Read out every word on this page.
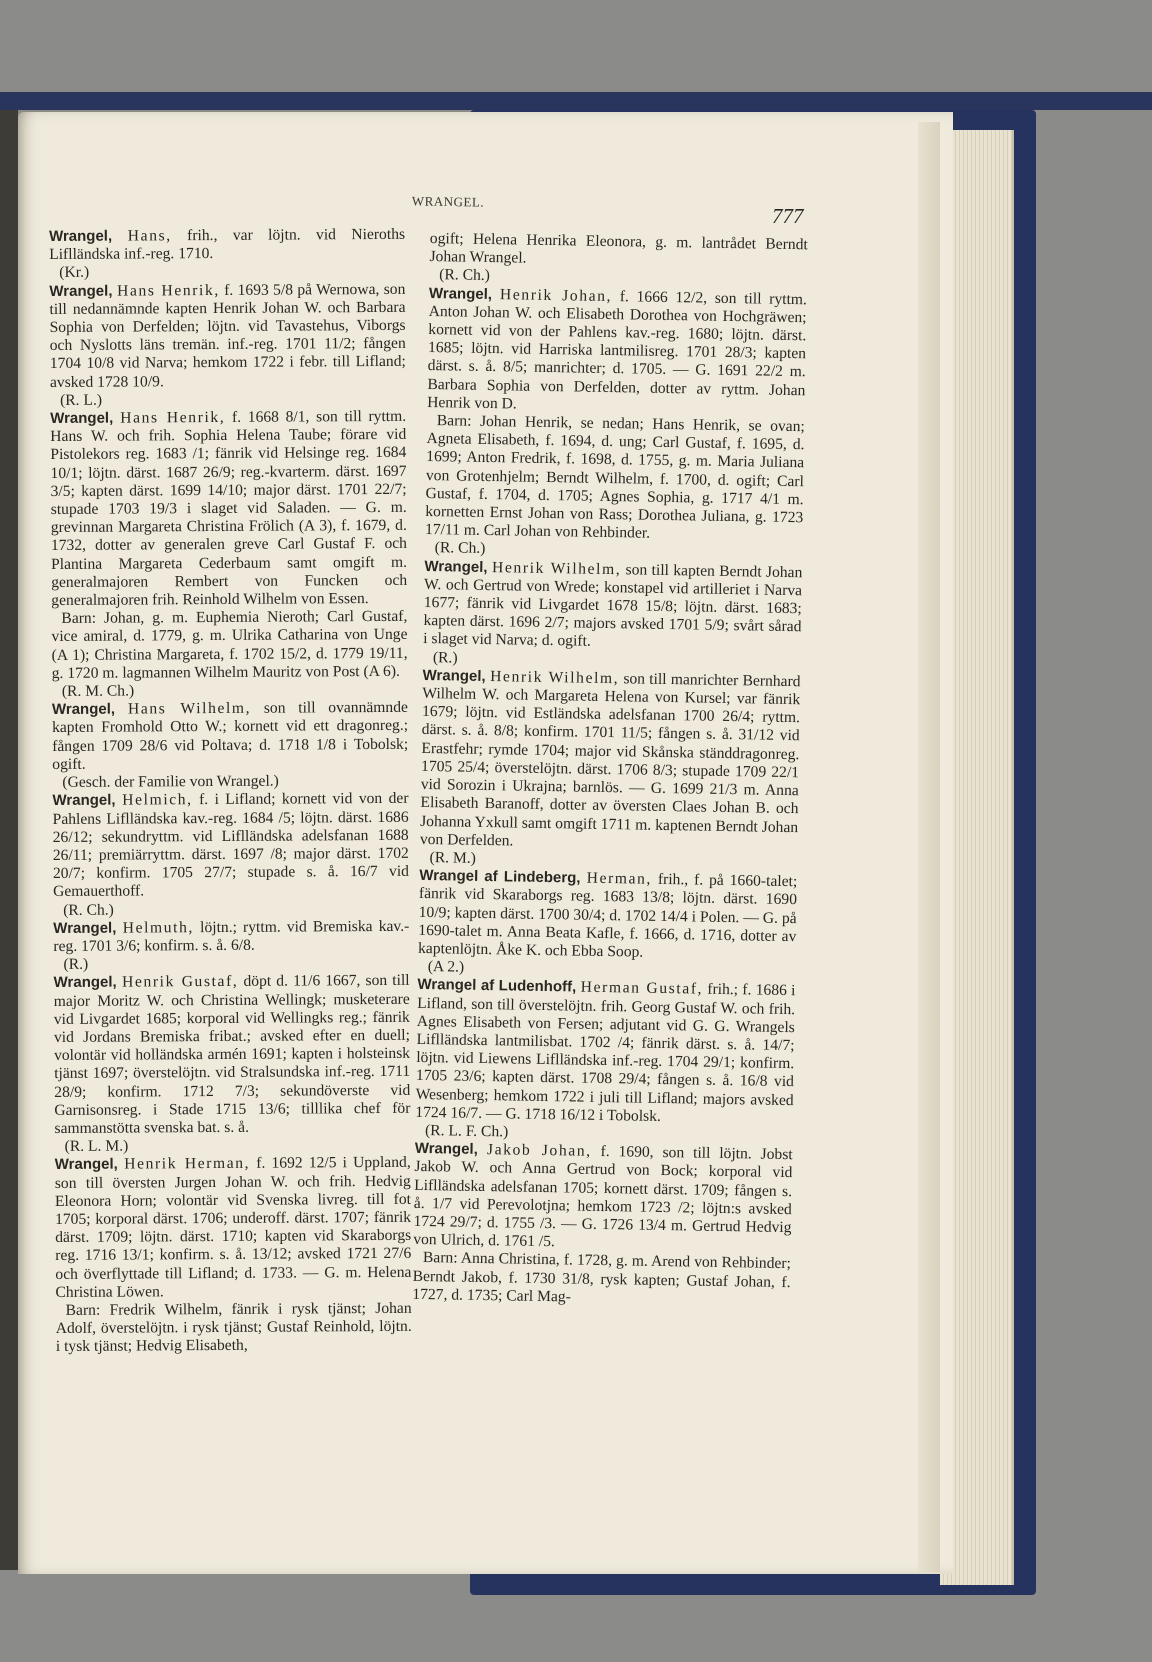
WRANGEL.
777

Wrangel, Hans, frih., var löjtn. vid Nieroths Liflländska inf.-reg. 1710.

(Kr.)

Wrangel, Hans Henrik, f. 1693 5/8 på Wernowa, son till nedannämnde kapten Henrik Johan W. och Barbara Sophia von Derfelden; löjtn. vid Tavastehus, Viborgs och Nyslotts läns tremän. inf.-reg. 1701 11/2; fången 1704 10/8 vid Narva; hemkom 1722 i febr. till Lifland; avsked 1728 10/9.

(R. L.)

Wrangel, Hans Henrik, f. 1668 8/1, son till ryttm. Hans W. och frih. Sophia Helena Taube; förare vid Pistolekors reg. 1683 /1; fänrik vid Helsinge reg. 1684 10/1; löjtn. därst. 1687 26/9; reg.-kvarterm. därst. 1697 3/5; kapten därst. 1699 14/10; major därst. 1701 22/7; stupade 1703 19/3 i slaget vid Saladen. — G. m. grevinnan Margareta Christina Frölich (A 3), f. 1679, d. 1732, dotter av generalen greve Carl Gustaf F. och Plantina Margareta Cederbaum samt omgift m. generalmajoren Rembert von Funcken och generalmajoren frih. Reinhold Wilhelm von Essen.

Barn: Johan, g. m. Euphemia Nieroth; Carl Gustaf, vice amiral, d. 1779, g. m. Ulrika Catharina von Unge (A 1); Christina Margareta, f. 1702 15/2, d. 1779 19/11, g. 1720 m. lagmannen Wilhelm Mauritz von Post (A 6).

(R. M. Ch.)

Wrangel, Hans Wilhelm, son till ovannämnde kapten Fromhold Otto W.; kornett vid ett dragonreg.; fången 1709 28/6 vid Poltava; d. 1718 1/8 i Tobolsk; ogift.

(Gesch. der Familie von Wrangel.)

Wrangel, Helmich, f. i Lifland; kornett vid von der Pahlens Liflländska kav.-reg. 1684 /5; löjtn. därst. 1686 26/12; sekundryttm. vid Liflländska adelsfanan 1688 26/11; premiärryttm. därst. 1697 /8; major därst. 1702 20/7; konfirm. 1705 27/7; stupade s. å. 16/7 vid Gemauerthoff.

(R. Ch.)

Wrangel, Helmuth, löjtn.; ryttm. vid Bremiska kav.-reg. 1701 3/6; konfirm. s. å. 6/8.

(R.)

Wrangel, Henrik Gustaf, döpt d. 11/6 1667, son till major Moritz W. och Christina Wellingk; musketerare vid Livgardet 1685; korporal vid Wellingks reg.; fänrik vid Jordans Bremiska fribat.; avsked efter en duell; volontär vid holländska armén 1691; kapten i holsteinsk tjänst 1697; överstelöjtn. vid Stralsundska inf.-reg. 1711 28/9; konfirm. 1712 7/3; sekundöverste vid Garnisonsreg. i Stade 1715 13/6; tilllika chef för sammanstötta svenska bat. s. å.

(R. L. M.)

Wrangel, Henrik Herman, f. 1692 12/5 i Uppland, son till översten Jurgen Johan W. och frih. Hedvig Eleonora Horn; volontär vid Svenska livreg. till fot 1705; korporal därst. 1706; underoff. därst. 1707; fänrik därst. 1709; löjtn. därst. 1710; kapten vid Skaraborgs reg. 1716 13/1; konfirm. s. å. 13/12; avsked 1721 27/6 och överflyttade till Lifland; d. 1733. — G. m. Helena Christina Löwen.

Barn: Fredrik Wilhelm, fänrik i rysk tjänst; Johan Adolf, överstelöjtn. i rysk tjänst; Gustaf Reinhold, löjtn. i tysk tjänst; Hedvig Elisabeth,

ogift; Helena Henrika Eleonora, g. m. lantrådet Berndt Johan Wrangel.

(R. Ch.)

Wrangel, Henrik Johan, f. 1666 12/2, son till ryttm. Anton Johan W. och Elisabeth Dorothea von Hochgräwen; kornett vid von der Pahlens kav.-reg. 1680; löjtn. därst. 1685; löjtn. vid Harriska lantmilisreg. 1701 28/3; kapten därst. s. å. 8/5; manrichter; d. 1705. — G. 1691 22/2 m. Barbara Sophia von Derfelden, dotter av ryttm. Johan Henrik von D.

Barn: Johan Henrik, se nedan; Hans Henrik, se ovan; Agneta Elisabeth, f. 1694, d. ung; Carl Gustaf, f. 1695, d. 1699; Anton Fredrik, f. 1698, d. 1755, g. m. Maria Juliana von Grotenhjelm; Berndt Wilhelm, f. 1700, d. ogift; Carl Gustaf, f. 1704, d. 1705; Agnes Sophia, g. 1717 4/1 m. kornetten Ernst Johan von Rass; Dorothea Juliana, g. 1723 17/11 m. Carl Johan von Rehbinder.

(R. Ch.)

Wrangel, Henrik Wilhelm, son till kapten Berndt Johan W. och Gertrud von Wrede; konstapel vid artilleriet i Narva 1677; fänrik vid Livgardet 1678 15/8; löjtn. därst. 1683; kapten därst. 1696 2/7; majors avsked 1701 5/9; svårt sårad i slaget vid Narva; d. ogift.

(R.)

Wrangel, Henrik Wilhelm, son till manrichter Bernhard Wilhelm W. och Margareta Helena von Kursel; var fänrik 1679; löjtn. vid Estländska adelsfanan 1700 26/4; ryttm. därst. s. å. 8/8; konfirm. 1701 11/5; fången s. å. 31/12 vid Erastfehr; rymde 1704; major vid Skånska ständdragonreg. 1705 25/4; överstelöjtn. därst. 1706 8/3; stupade 1709 22/1 vid Sorozin i Ukrajna; barnlös. — G. 1699 21/3 m. Anna Elisabeth Baranoff, dotter av översten Claes Johan B. och Johanna Yxkull samt omgift 1711 m. kaptenen Berndt Johan von Derfelden.

(R. M.)

Wrangel af Lindeberg, Herman, frih., f. på 1660-talet; fänrik vid Skaraborgs reg. 1683 13/8; löjtn. därst. 1690 10/9; kapten därst. 1700 30/4; d. 1702 14/4 i Polen. — G. på 1690-talet m. Anna Beata Kafle, f. 1666, d. 1716, dotter av kaptenlöjtn. Åke K. och Ebba Soop.

(A 2.)

Wrangel af Ludenhoff, Herman Gustaf, frih.; f. 1686 i Lifland, son till överstelöjtn. frih. Georg Gustaf W. och frih. Agnes Elisabeth von Fersen; adjutant vid G. G. Wrangels Liflländska lantmilisbat. 1702 /4; fänrik därst. s. å. 14/7; löjtn. vid Liewens Liflländska inf.-reg. 1704 29/1; konfirm. 1705 23/6; kapten därst. 1708 29/4; fången s. å. 16/8 vid Wesenberg; hemkom 1722 i juli till Lifland; majors avsked 1724 16/7. — G. 1718 16/12 i Tobolsk.

(R. L. F. Ch.)

Wrangel, Jakob Johan, f. 1690, son till löjtn. Jobst Jakob W. och Anna Gertrud von Bock; korporal vid Liflländska adelsfanan 1705; kornett därst. 1709; fången s. å. 1/7 vid Perevolotjna; hemkom 1723 /2; löjtn:s avsked 1724 29/7; d. 1755 /3. — G. 1726 13/4 m. Gertrud Hedvig von Ulrich, d. 1761 /5.

Barn: Anna Christina, f. 1728, g. m. Arend von Rehbinder; Berndt Jakob, f. 1730 31/8, rysk kapten; Gustaf Johan, f. 1727, d. 1735; Carl Mag-
